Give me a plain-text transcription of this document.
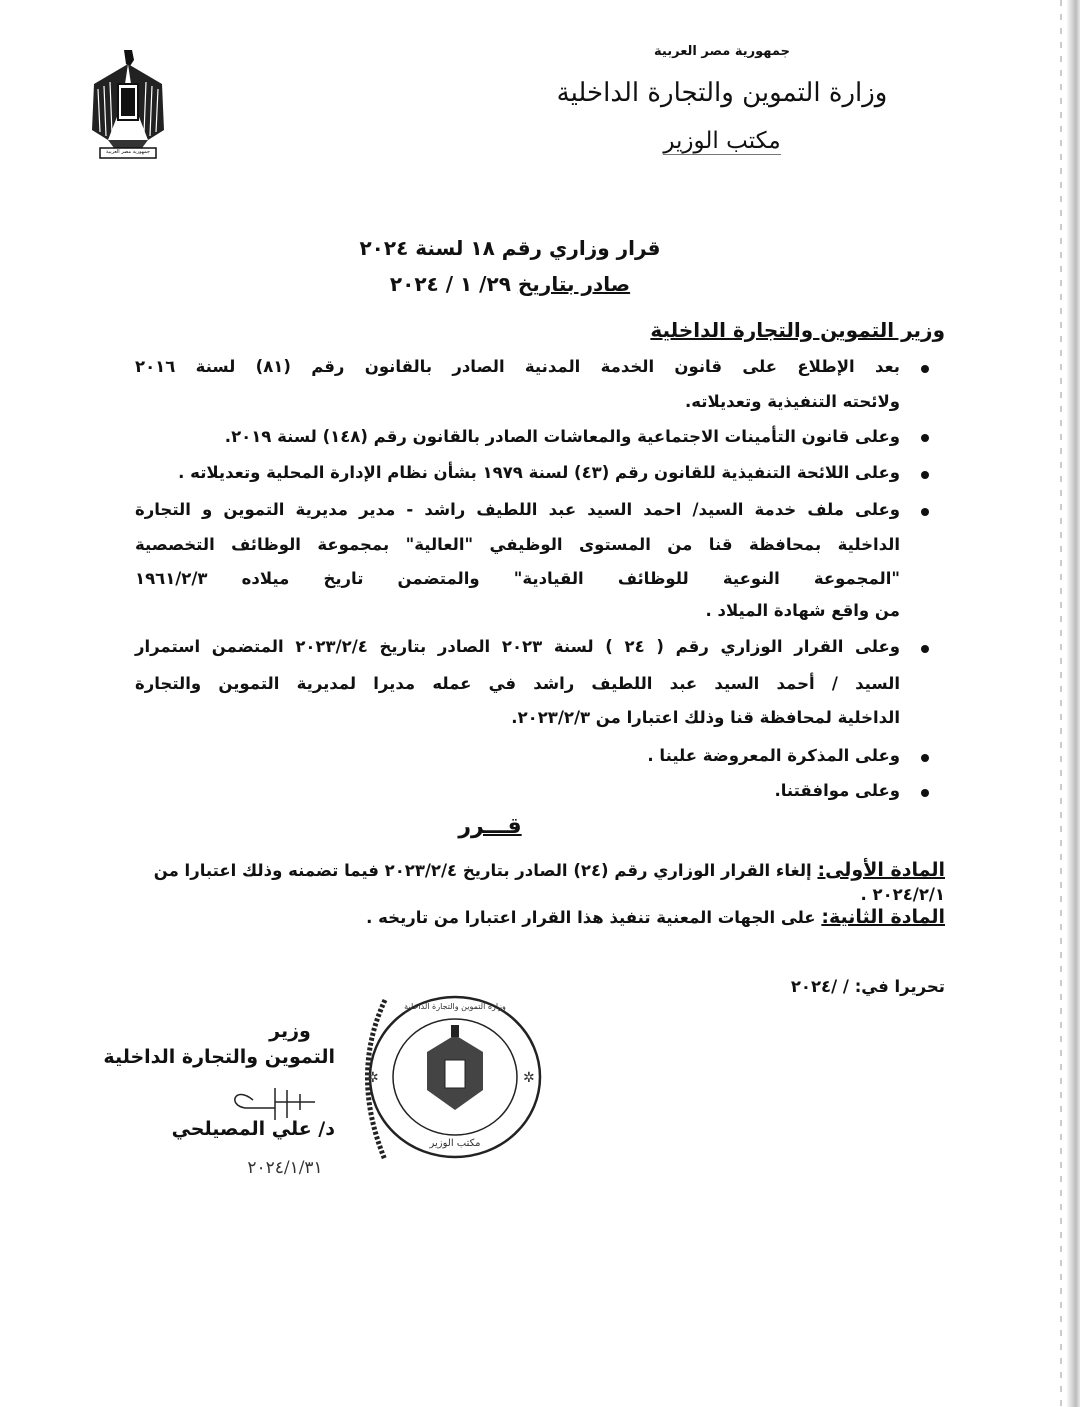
جمهورية مصر العربية
جمهورية مصر العربية
وزارة التموين والتجارة الداخلية
مكتب الوزير
قرار وزاري رقم ١٨ لسنة ٢٠٢٤
صادر بتاريخ ٢٩/ ١ / ٢٠٢٤
وزير التموين والتجارة الداخلية
بعد الإطلاع على قانون الخدمة المدنية الصادر بالقانون رقم (٨١) لسنة ٢٠١٦
ولائحته التنفيذية وتعديلاته.
وعلى قانون التأمينات الاجتماعية والمعاشات الصادر بالقانون رقم (١٤٨) لسنة ٢٠١٩.
وعلى اللائحة التنفيذية للقانون رقم (٤٣) لسنة ١٩٧٩ بشأن نظام الإدارة المحلية وتعديلاته .
وعلى ملف خدمة السيد/ احمد السيد عبد اللطيف راشد - مدير مديرية التموين و التجارة
الداخلية بمحافظة قنا من المستوى الوظيفي "العالية" بمجموعة الوظائف التخصصية
"المجموعة النوعية للوظائف القيادية" والمتضمن تاريخ ميلاده ١٩٦١/٢/٣
من واقع شهادة الميلاد .
وعلى القرار الوزاري رقم ( ٢٤ ) لسنة ٢٠٢٣ الصادر بتاريخ ٢٠٢٣/٢/٤ المتضمن استمرار
السيد / أحمد السيد عبد اللطيف راشد في عمله مديرا لمديرية التموين والتجارة
الداخلية لمحافظة قنا وذلك اعتبارا من ٢٠٢٣/٢/٣.
وعلى المذكرة المعروضة علينا .
وعلى موافقتنا.
قـــرر
المادة الأولى: إلغاء القرار الوزاري رقم (٢٤) الصادر بتاريخ ٢٠٢٣/٢/٤ فيما تضمنه وذلك اعتبارا من ٢٠٢٤/٢/١ .
المادة الثانية: على الجهات المعنية تنفيذ هذا القرار اعتبارا من تاريخه .
تحريرا في: / /٢٠٢٤
✲	✲
وزارة التموين والتجارة الداخلية
مكتب الوزير
وزير
التموين والتجارة الداخلية
د/ علي المصيلحي
٢٠٢٤/١/٣١
